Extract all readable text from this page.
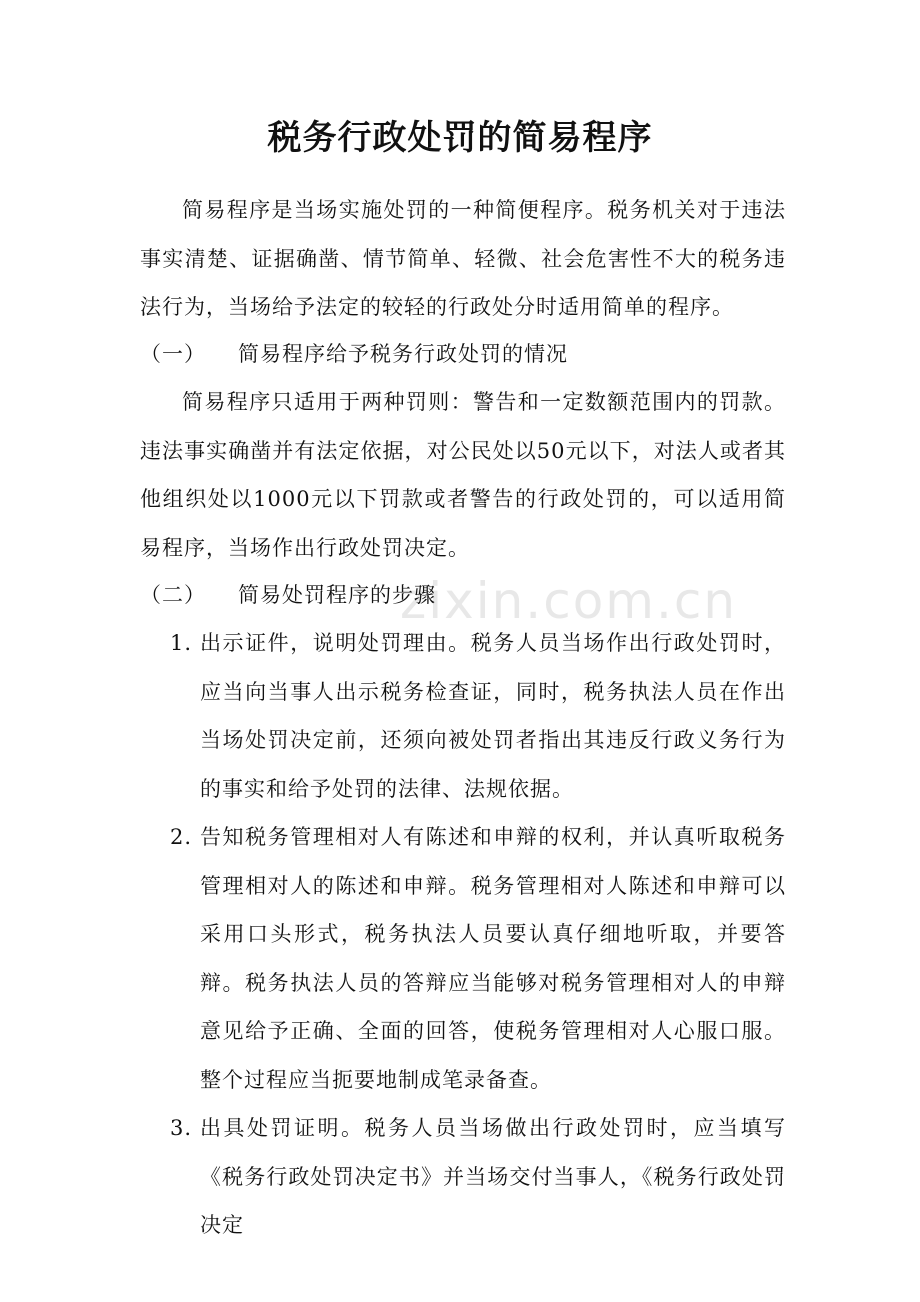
zixin.com.cn
税务行政处罚的简易程序

简易程序是当场实施处罚的一种简便程序。税务机关对于违法事实清楚、证据确凿、情节简单、轻微、社会危害性不大的税务违法行为，当场给予法定的较轻的行政处分时适用简单的程序。

（一） 简易程序给予税务行政处罚的情况

简易程序只适用于两种罚则：警告和一定数额范围内的罚款。违法事实确凿并有法定依据，对公民处以50元以下，对法人或者其他组织处以1000元以下罚款或者警告的行政处罚的，可以适用简易程序，当场作出行政处罚决定。

（二） 简易处罚程序的步骤
1. 出示证件，说明处罚理由。税务人员当场作出行政处罚时，应当向当事人出示税务检查证，同时，税务执法人员在作出当场处罚决定前，还须向被处罚者指出其违反行政义务行为的事实和给予处罚的法律、法规依据。
2. 告知税务管理相对人有陈述和申辩的权利，并认真听取税务管理相对人的陈述和申辩。税务管理相对人陈述和申辩可以采用口头形式，税务执法人员要认真仔细地听取，并要答辩。税务执法人员的答辩应当能够对税务管理相对人的申辩意见给予正确、全面的回答，使税务管理相对人心服口服。整个过程应当扼要地制成笔录备查。
3. 出具处罚证明。税务人员当场做出行政处罚时，应当填写《税务行政处罚决定书》并当场交付当事人，《税务行政处罚决定
